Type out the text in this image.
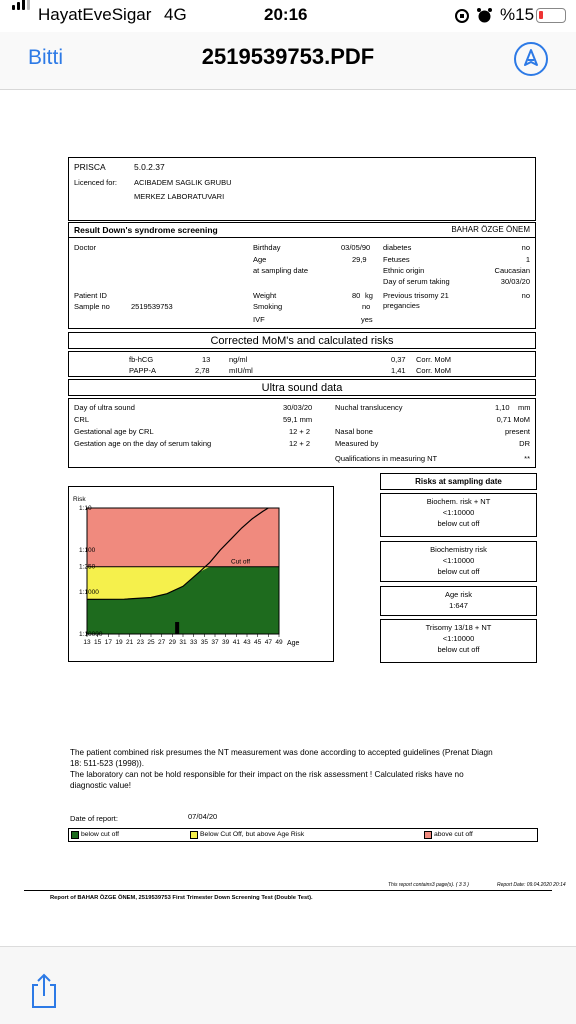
HayatEveSigar 4G	20:16	%15
Bitti	2519539753.PDF
PRISCA	5.0.2.37
Licenced for: ACIBADEM SAGLIK GRUBU
MERKEZ LABORATUVARI
Result Down's syndrome screening	BAHAR ÖZGE ÖNEM
Doctor
Patient ID
Sample no	2519539753
Birthday	03/05/90
Age	29,9
at sampling date
Weight	80 kg
Smoking	no
IVF	yes
diabetes	no
Fetuses	1
Ethnic origin	Caucasian
Day of serum taking	30/03/20
Previous trisomy 21	no
pregancies
Corrected MoM's and calculated risks
fb-hCG	13 ng/ml	0,37 Corr. MoM
PAPP-A	2,78	mIU/ml	1,41 Corr. MoM
Ultra sound data
Day of ultra sound	30/03/20
CRL	59,1 mm
Gestational age by CRL	12 + 2
Gestation age on the day of serum taking	12 + 2
Nuchal translucency	1,10 mm
0,71 MoM
Nasal bone	present
Measured by	DR
Qualifications in measuring NT	**
Risk
1:10
1:100
1:250
1:1000
1:10000
Cut off
13 15 17 19 21 23 25 27 29 31 33 35 37 39 41 43 45 47 49 Age
Risks at sampling date
Biochem. risk + NT
<1:10000
below cut off
Biochemistry risk
<1:10000
below cut off
Age risk
1:647
Trisomy 13/18 + NT
<1:10000
below cut off
The patient combined risk presumes the NT measurement was done according to accepted guidelines (Prenat Diagn
18: 511-523 (1998)).
The laboratory can not be hold responsible for their impact on the risk assessment ! Calculated risks have no
diagnostic value!
Date of report:	07/04/20
below cut off	Below Cut Off, but above Age Risk	above cut off
This report contains3 page(s). ( 3 3 )	Report Date: 09.04.2020 20:14
Report of BAHAR ÖZGE ÖNEM, 2519539753 First Trimester Down Screening Test (Double Test).
